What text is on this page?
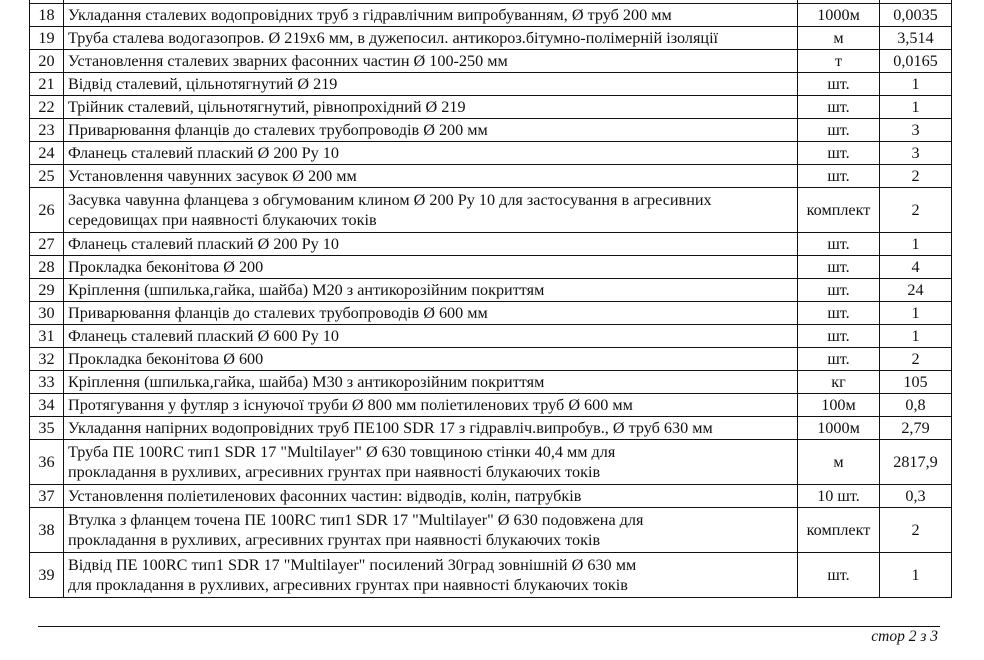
18	Укладання сталевих водопровідних труб з гідравлічним випробуванням, Ø труб 200 мм	1000м	0,0035
19	Труба сталева водогазопров. Ø 219х6 мм, в дужепосил. антикороз.бітумно-полімерній ізоляції	м	3,514
20	Установлення сталевих зварних фасонних частин Ø 100-250 мм	т	0,0165
21	Відвід сталевий, цільнотягнутий Ø 219	шт.	1
22	Трійник сталевий, цільнотягнутий, рівнопрохідний Ø 219	шт.	1
23	Приварювання фланців до сталевих трубопроводів Ø 200 мм	шт.	3
24	Фланець сталевий плаский Ø 200 Ру 10	шт.	3
25	Установлення чавунних засувок Ø 200 мм	шт.	2
26	Засувка чавунна фланцева з обгумованим клином Ø 200 Ру 10 для застосування в агресивних
середовищах при наявності блукаючих токів	комплект	2
27	Фланець сталевий плаский Ø 200 Ру 10	шт.	1
28	Прокладка беконітова Ø 200	шт.	4
29	Кріплення (шпилька,гайка, шайба) М20 з антикорозійним покриттям	шт.	24
30	Приварювання фланців до сталевих трубопроводів Ø 600 мм	шт.	1
31	Фланець сталевий плаский Ø 600 Ру 10	шт.	1
32	Прокладка беконітова Ø 600	шт.	2
33	Кріплення (шпилька,гайка, шайба) М30 з антикорозійним покриттям	кг	105
34	Протягування у футляр з існуючої труби Ø 800 мм поліетиленових труб Ø 600 мм	100м	0,8
35	Укладання напірних водопровідних труб ПЕ100 SDR 17 з гідравліч.випробув., Ø труб 630 мм	1000м	2,79
36	Труба ПЕ 100RC тип1 SDR 17 "Multilayer" Ø 630 товщиною стінки 40,4 мм для
прокладання в рухливих, агресивних грунтах при наявності блукаючих токів	м	2817,9
37	Установлення поліетиленових фасонних частин: відводів, колін, патрубків	10 шт.	0,3
38	Втулка з фланцем точена ПЕ 100RC тип1 SDR 17 "Multilayer" Ø 630 подовжена для
прокладання в рухливих, агресивних грунтах при наявності блукаючих токів	комплект	2
39	Відвід ПЕ 100RC тип1 SDR 17 "Multilayer" посилений 30град зовнішній Ø 630 мм
для прокладання в рухливих, агресивних грунтах при наявності блукаючих токів	шт.	1
стор 2 з 3
